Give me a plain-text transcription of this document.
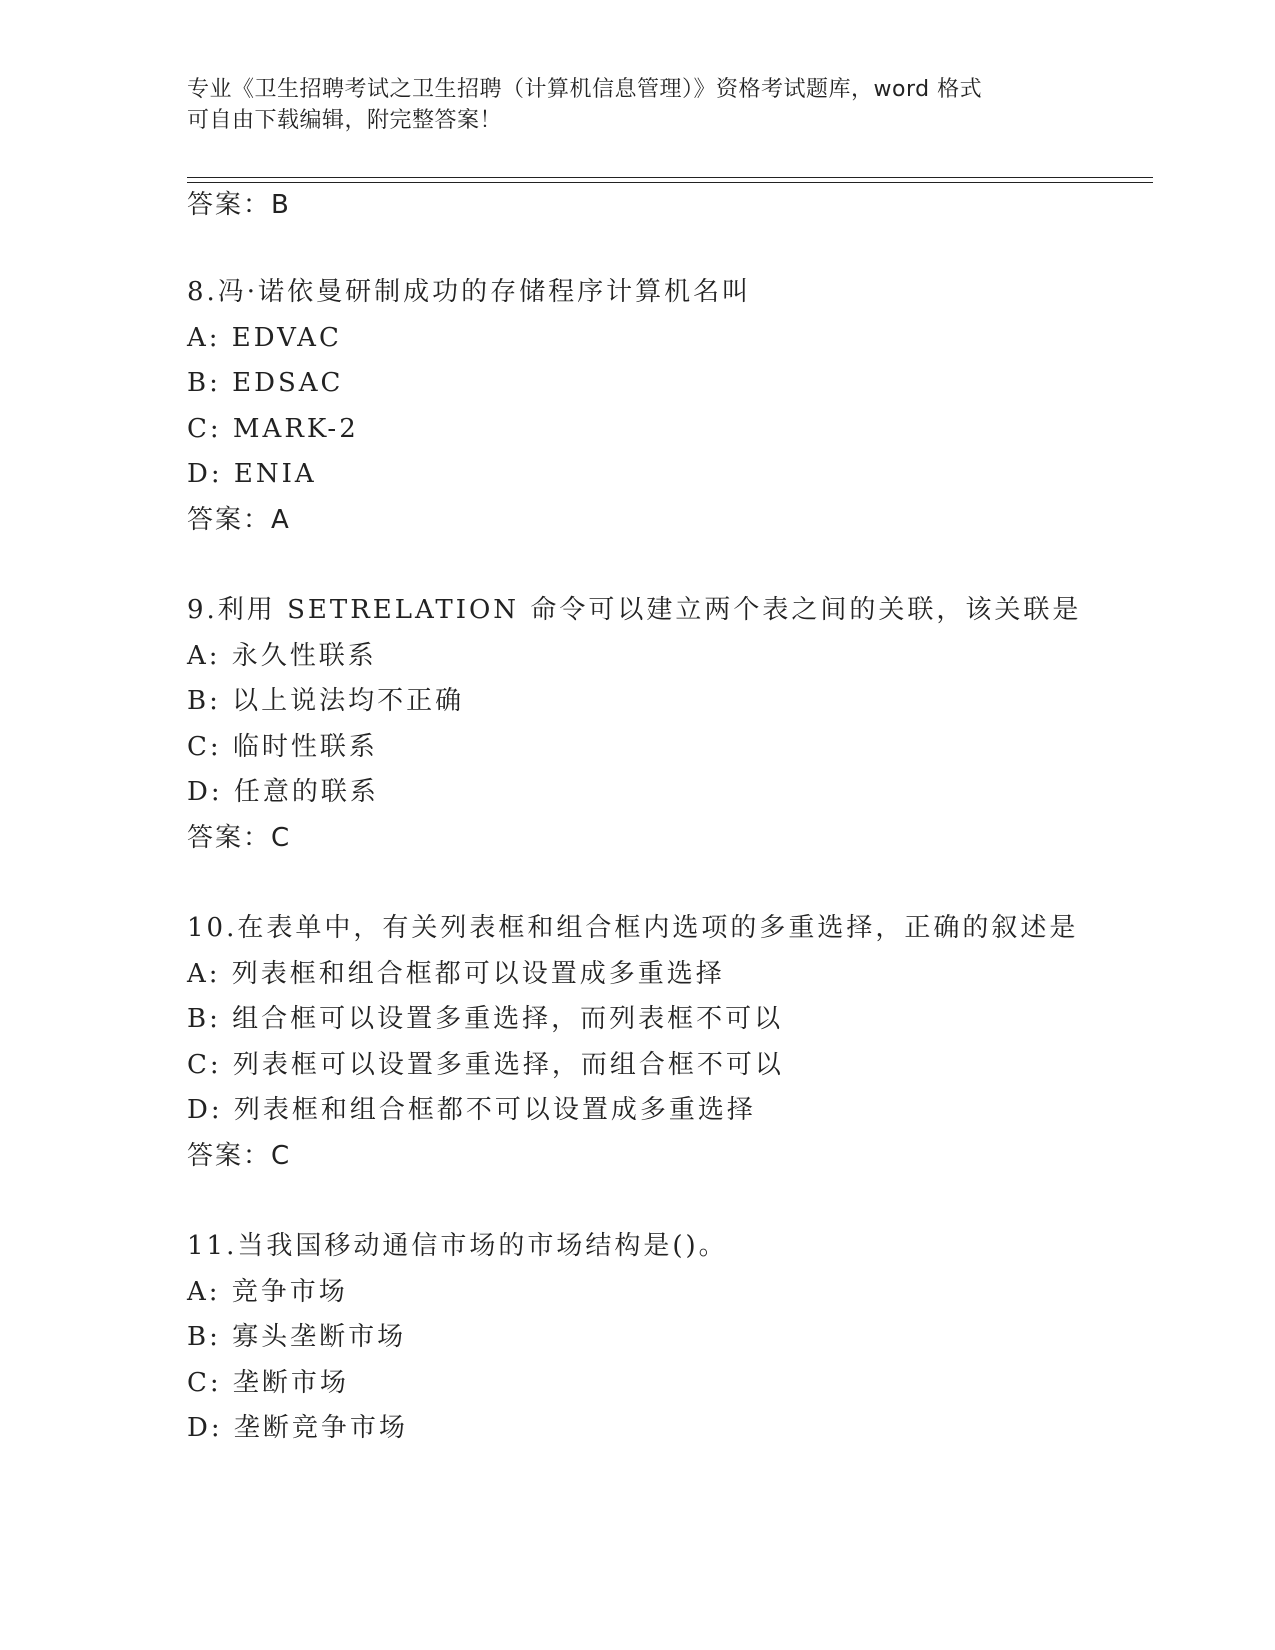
专业《卫生招聘考试之卫生招聘（计算机信息管理）》资格考试题库，word 格式
可自由下载编辑，附完整答案！
答案：B
8.冯·诺依曼研制成功的存储程序计算机名叫
A: EDVAC
B: EDSAC
C: MARK-2
D: ENIA
答案：A
9.利用 SETRELATION 命令可以建立两个表之间的关联，该关联是
A: 永久性联系
B: 以上说法均不正确
C: 临时性联系
D: 任意的联系
答案：C
10.在表单中，有关列表框和组合框内选项的多重选择，正确的叙述是
A: 列表框和组合框都可以设置成多重选择
B: 组合框可以设置多重选择，而列表框不可以
C: 列表框可以设置多重选择，而组合框不可以
D: 列表框和组合框都不可以设置成多重选择
答案：C
11.当我国移动通信市场的市场结构是()。
A: 竞争市场
B: 寡头垄断市场
C: 垄断市场
D: 垄断竞争市场
